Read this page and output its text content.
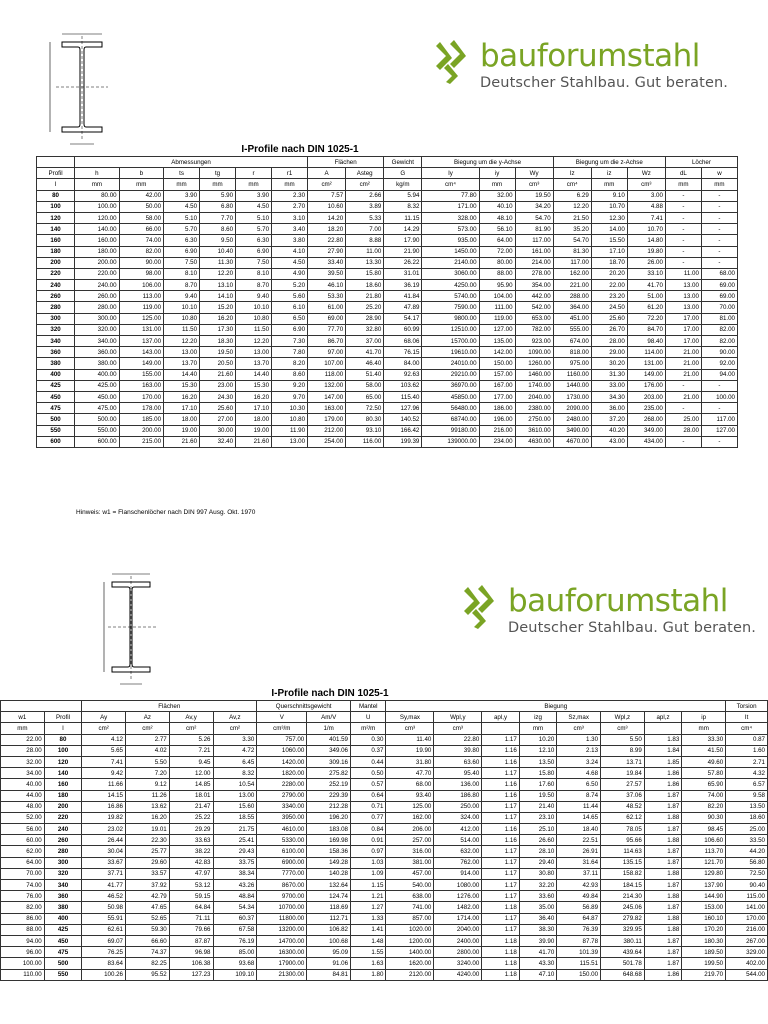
bauforumstahl
Deutscher Stahlbau. Gut beraten.
I-Profile nach DIN 1025-1
	Abmessungen						Flächen		Gewicht	Biegung um die y-Achse			Biegung um die z-Achse			Löcher	
Profil	h	b	ts	tg	r	r1	A	Asteg	G	Iy	iy	Wy	Iz	iz	Wz	dL	w
I	mm	mm	mm	mm	mm	mm	cm²	cm²	kg/m	cm⁴	mm	cm³	cm⁴	mm	cm³	mm	mm
80	80.00	42.00	3.90	5.90	3.90	2.30	7.57	2.66	5.94	77.80	32.00	19.50	6.29	9.10	3.00	-	-
100	100.00	50.00	4.50	6.80	4.50	2.70	10.60	3.89	8.32	171.00	40.10	34.20	12.20	10.70	4.88	-	-
120	120.00	58.00	5.10	7.70	5.10	3.10	14.20	5.33	11.15	328.00	48.10	54.70	21.50	12.30	7.41	-	-
140	140.00	66.00	5.70	8.60	5.70	3.40	18.20	7.00	14.29	573.00	56.10	81.90	35.20	14.00	10.70	-	-
160	160.00	74.00	6.30	9.50	6.30	3.80	22.80	8.88	17.90	935.00	64.00	117.00	54.70	15.50	14.80	-	-
180	180.00	82.00	6.90	10.40	6.90	4.10	27.90	11.00	21.90	1450.00	72.00	161.00	81.30	17.10	19.80	-	-
200	200.00	90.00	7.50	11.30	7.50	4.50	33.40	13.30	26.22	2140.00	80.00	214.00	117.00	18.70	26.00	-	-
220	220.00	98.00	8.10	12.20	8.10	4.90	39.50	15.80	31.01	3060.00	88.00	278.00	162.00	20.20	33.10	11.00	68.00
240	240.00	106.00	8.70	13.10	8.70	5.20	46.10	18.60	36.19	4250.00	95.90	354.00	221.00	22.00	41.70	13.00	69.00
260	260.00	113.00	9.40	14.10	9.40	5.60	53.30	21.80	41.84	5740.00	104.00	442.00	288.00	23.20	51.00	13.00	69.00
280	280.00	119.00	10.10	15.20	10.10	6.10	61.00	25.20	47.89	7590.00	111.00	542.00	364.00	24.50	61.20	13.00	70.00
300	300.00	125.00	10.80	16.20	10.80	6.50	69.00	28.90	54.17	9800.00	119.00	653.00	451.00	25.60	72.20	17.00	81.00
320	320.00	131.00	11.50	17.30	11.50	6.90	77.70	32.80	60.99	12510.00	127.00	782.00	555.00	26.70	84.70	17.00	82.00
340	340.00	137.00	12.20	18.30	12.20	7.30	86.70	37.00	68.06	15700.00	135.00	923.00	674.00	28.00	98.40	17.00	82.00
360	360.00	143.00	13.00	19.50	13.00	7.80	97.00	41.70	76.15	19610.00	142.00	1090.00	818.00	29.00	114.00	21.00	90.00
380	380.00	149.00	13.70	20.50	13.70	8.20	107.00	46.40	84.00	24010.00	150.00	1260.00	975.00	30.20	131.00	21.00	92.00
400	400.00	155.00	14.40	21.60	14.40	8.60	118.00	51.40	92.63	29210.00	157.00	1460.00	1160.00	31.30	149.00	21.00	94.00
425	425.00	163.00	15.30	23.00	15.30	9.20	132.00	58.00	103.62	36970.00	167.00	1740.00	1440.00	33.00	176.00	-	-
450	450.00	170.00	16.20	24.30	16.20	9.70	147.00	65.00	115.40	45850.00	177.00	2040.00	1730.00	34.30	203.00	21.00	100.00
475	475.00	178.00	17.10	25.60	17.10	10.30	163.00	72.50	127.96	56480.00	186.00	2380.00	2090.00	36.00	235.00	-	-
500	500.00	185.00	18.00	27.00	18.00	10.80	179.00	80.30	140.52	68740.00	196.00	2750.00	2480.00	37.20	268.00	25.00	117.00
550	550.00	200.00	19.00	30.00	19.00	11.90	212.00	93.10	166.42	99180.00	216.00	3610.00	3490.00	40.20	349.00	28.00	127.00
600	600.00	215.00	21.60	32.40	21.60	13.00	254.00	116.00	199.39	139000.00	234.00	4630.00	4670.00	43.00	434.00	-	-
Hinweis: w1 = Flanschenlöcher nach DIN 997 Ausg. Okt. 1970
bauforumstahl
Deutscher Stahlbau. Gut beraten.
I-Profile nach DIN 1025-1
		Flächen				Querschnittsgewicht		Mantel	Biegung								Torsion
w1	Profil	Ay	Az	Av,y	Av,z	V	Am/V	U	Sy,max	Wpl,y	apl,y	izg	Sz,max	Wpl,z	apl,z	ip	It
mm	I	cm²	cm²	cm²	cm²	cm³/m	1/m	m²/m	cm³	cm³		mm	cm³	cm³		mm	cm⁴
22.00	80	4.12	2.77	5.26	3.30	757.00	401.59	0.30	11.40	22.80	1.17	10.20	1.30	5.50	1.83	33.30	0.87
28.00	100	5.65	4.02	7.21	4.72	1060.00	349.06	0.37	19.90	39.80	1.16	12.10	2.13	8.99	1.84	41.50	1.60
32.00	120	7.41	5.50	9.45	6.45	1420.00	309.16	0.44	31.80	63.60	1.16	13.50	3.24	13.71	1.85	49.60	2.71
34.00	140	9.42	7.20	12.00	8.32	1820.00	275.82	0.50	47.70	95.40	1.17	15.80	4.68	19.84	1.86	57.80	4.32
40.00	160	11.66	9.12	14.85	10.54	2280.00	252.19	0.57	68.00	136.00	1.16	17.60	6.50	27.57	1.86	65.90	6.57
44.00	180	14.15	11.26	18.01	13.00	2790.00	229.39	0.64	93.40	186.80	1.16	19.50	8.74	37.06	1.87	74.00	9.58
48.00	200	16.86	13.62	21.47	15.60	3340.00	212.28	0.71	125.00	250.00	1.17	21.40	11.44	48.52	1.87	82.20	13.50
52.00	220	19.82	16.20	25.22	18.55	3950.00	196.20	0.77	162.00	324.00	1.17	23.10	14.65	62.12	1.88	90.30	18.60
56.00	240	23.02	19.01	29.29	21.75	4610.00	183.08	0.84	206.00	412.00	1.16	25.10	18.40	78.05	1.87	98.45	25.00
60.00	260	26.44	22.30	33.63	25.41	5330.00	169.98	0.91	257.00	514.00	1.16	26.60	22.51	95.66	1.88	106.60	33.50
62.00	280	30.04	25.77	38.22	29.43	6100.00	158.36	0.97	316.00	632.00	1.17	28.10	26.91	114.63	1.87	113.70	44.20
64.00	300	33.67	29.60	42.83	33.75	6900.00	149.28	1.03	381.00	762.00	1.17	29.40	31.64	135.15	1.87	121.70	56.80
70.00	320	37.71	33.57	47.97	38.34	7770.00	140.28	1.09	457.00	914.00	1.17	30.80	37.11	158.82	1.88	129.80	72.50
74.00	340	41.77	37.92	53.12	43.26	8670.00	132.64	1.15	540.00	1080.00	1.17	32.20	42.93	184.15	1.87	137.90	90.40
76.00	360	46.52	42.79	59.15	48.84	9700.00	124.74	1.21	638.00	1276.00	1.17	33.60	49.84	214.30	1.88	144.90	115.00
82.00	380	50.98	47.65	64.84	54.34	10700.00	118.69	1.27	741.00	1482.00	1.18	35.00	56.89	245.06	1.87	153.00	141.00
86.00	400	55.91	52.65	71.11	60.37	11800.00	112.71	1.33	857.00	1714.00	1.17	36.40	64.87	279.82	1.88	160.10	170.00
88.00	425	62.61	59.30	79.66	67.58	13200.00	106.82	1.41	1020.00	2040.00	1.17	38.30	76.39	329.95	1.88	170.20	216.00
94.00	450	69.07	66.60	87.87	76.19	14700.00	100.68	1.48	1200.00	2400.00	1.18	39.90	87.78	380.11	1.87	180.30	267.00
96.00	475	76.25	74.37	96.98	85.00	16300.00	95.09	1.55	1400.00	2800.00	1.18	41.70	101.39	439.64	1.87	189.50	329.00
100.00	500	83.64	82.25	106.38	93.68	17900.00	91.06	1.63	1620.00	3240.00	1.18	43.30	115.51	501.78	1.87	199.50	402.00
110.00	550	100.26	95.52	127.23	109.10	21300.00	84.81	1.80	2120.00	4240.00	1.18	47.10	150.00	648.68	1.86	219.70	544.00
